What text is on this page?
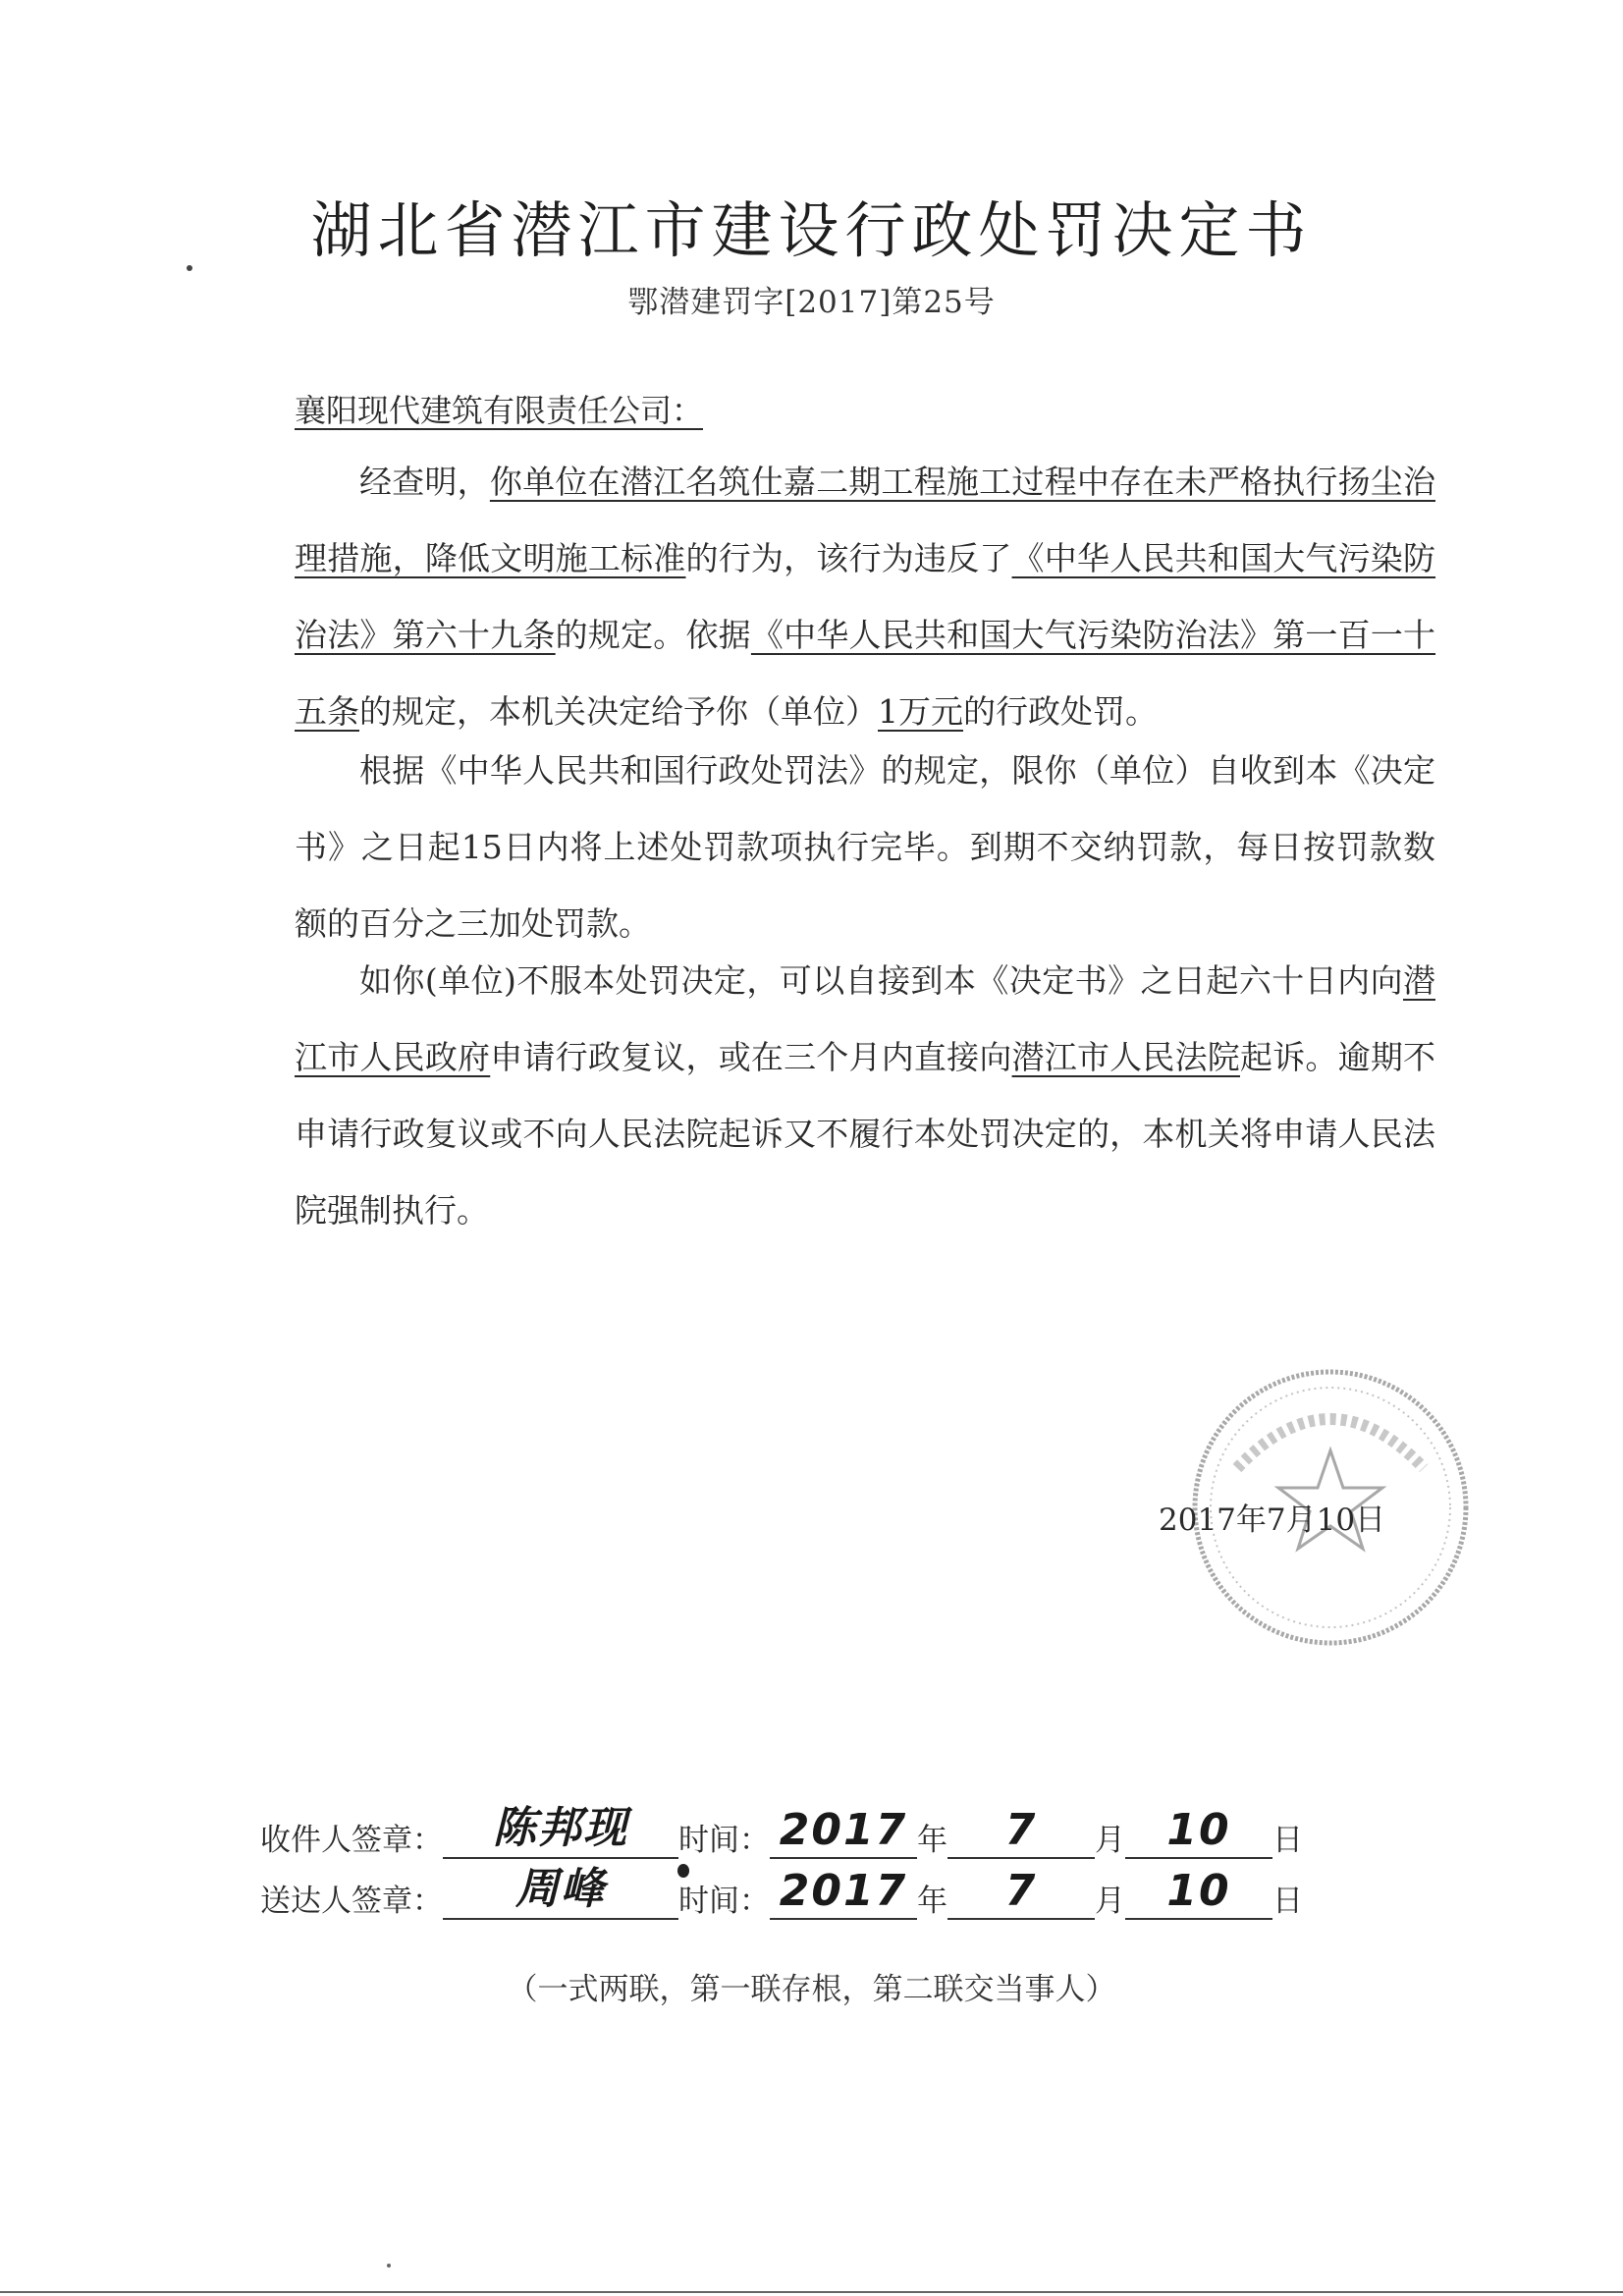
湖北省潜江市建设行政处罚决定书
鄂潜建罚字[2017]第25号
襄阳现代建筑有限责任公司：

经查明，你单位在潜江名筑仕嘉二期工程施工过程中存在未严格执行扬尘治理措施，降低文明施工标准的行为，该行为违反了《中华人民共和国大气污染防治法》第六十九条的规定。依据《中华人民共和国大气污染防治法》第一百一十五条的规定，本机关决定给予你（单位）1万元的行政处罚。

根据《中华人民共和国行政处罚法》的规定，限你（单位）自收到本《决定书》之日起15日内将上述处罚款项执行完毕。到期不交纳罚款，每日按罚款数额的百分之三加处罚款。

如你(单位)不服本处罚决定，可以自接到本《决定书》之日起六十日内向潜江市人民政府申请行政复议，或在三个月内直接向潜江市人民法院起诉。逾期不申请行政复议或不向人民法院起诉又不履行本处罚决定的，本机关将申请人民法院强制执行。

2017年7月10日
收件人签章：	陈邦现	时间： 2017 年	7	月 10	日
送达人签章：	周峰	时间： 2017 年	7	月 10	日
（一式两联，第一联存根，第二联交当事人）
